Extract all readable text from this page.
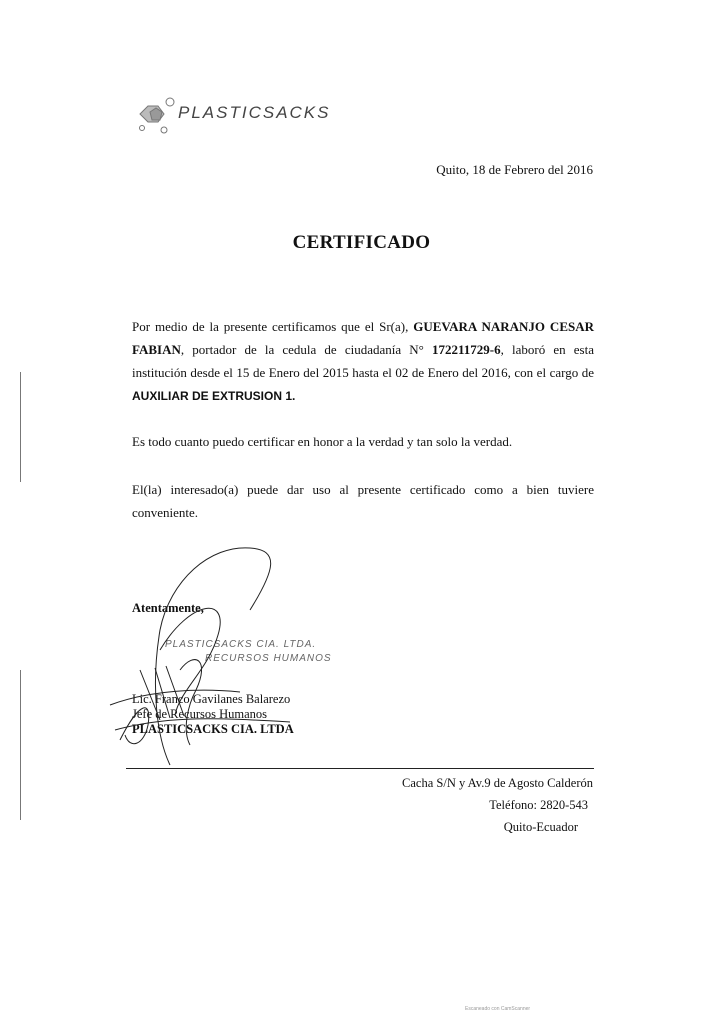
PLASTICSACKS
Quito, 18 de Febrero del 2016
CERTIFICADO
Por medio de la presente certificamos que el Sr(a), GUEVARA NARANJO CESAR FABIAN, portador de la cedula de ciudadanía N° 172211729-6, laboró en esta institución desde el 15 de Enero del 2015 hasta el 02 de Enero del 2016, con el cargo de AUXILIAR DE EXTRUSION 1.
Es todo cuanto puedo certificar en honor a la verdad y tan solo la verdad.
El(la) interesado(a) puede dar uso al presente certificado como a bien tuviere conveniente.
Atentamente,
PLASTICSACKS CIA. LTDA.
RECURSOS HUMANOS
Lic. Franco Gavilanes Balarezo
Jefe de Recursos Humanos
PLASTICSACKS CIA. LTDA
Cacha S/N y Av.9 de Agosto Calderón
Teléfono: 2820-543
Quito-Ecuador
Escaneado con CamScanner
